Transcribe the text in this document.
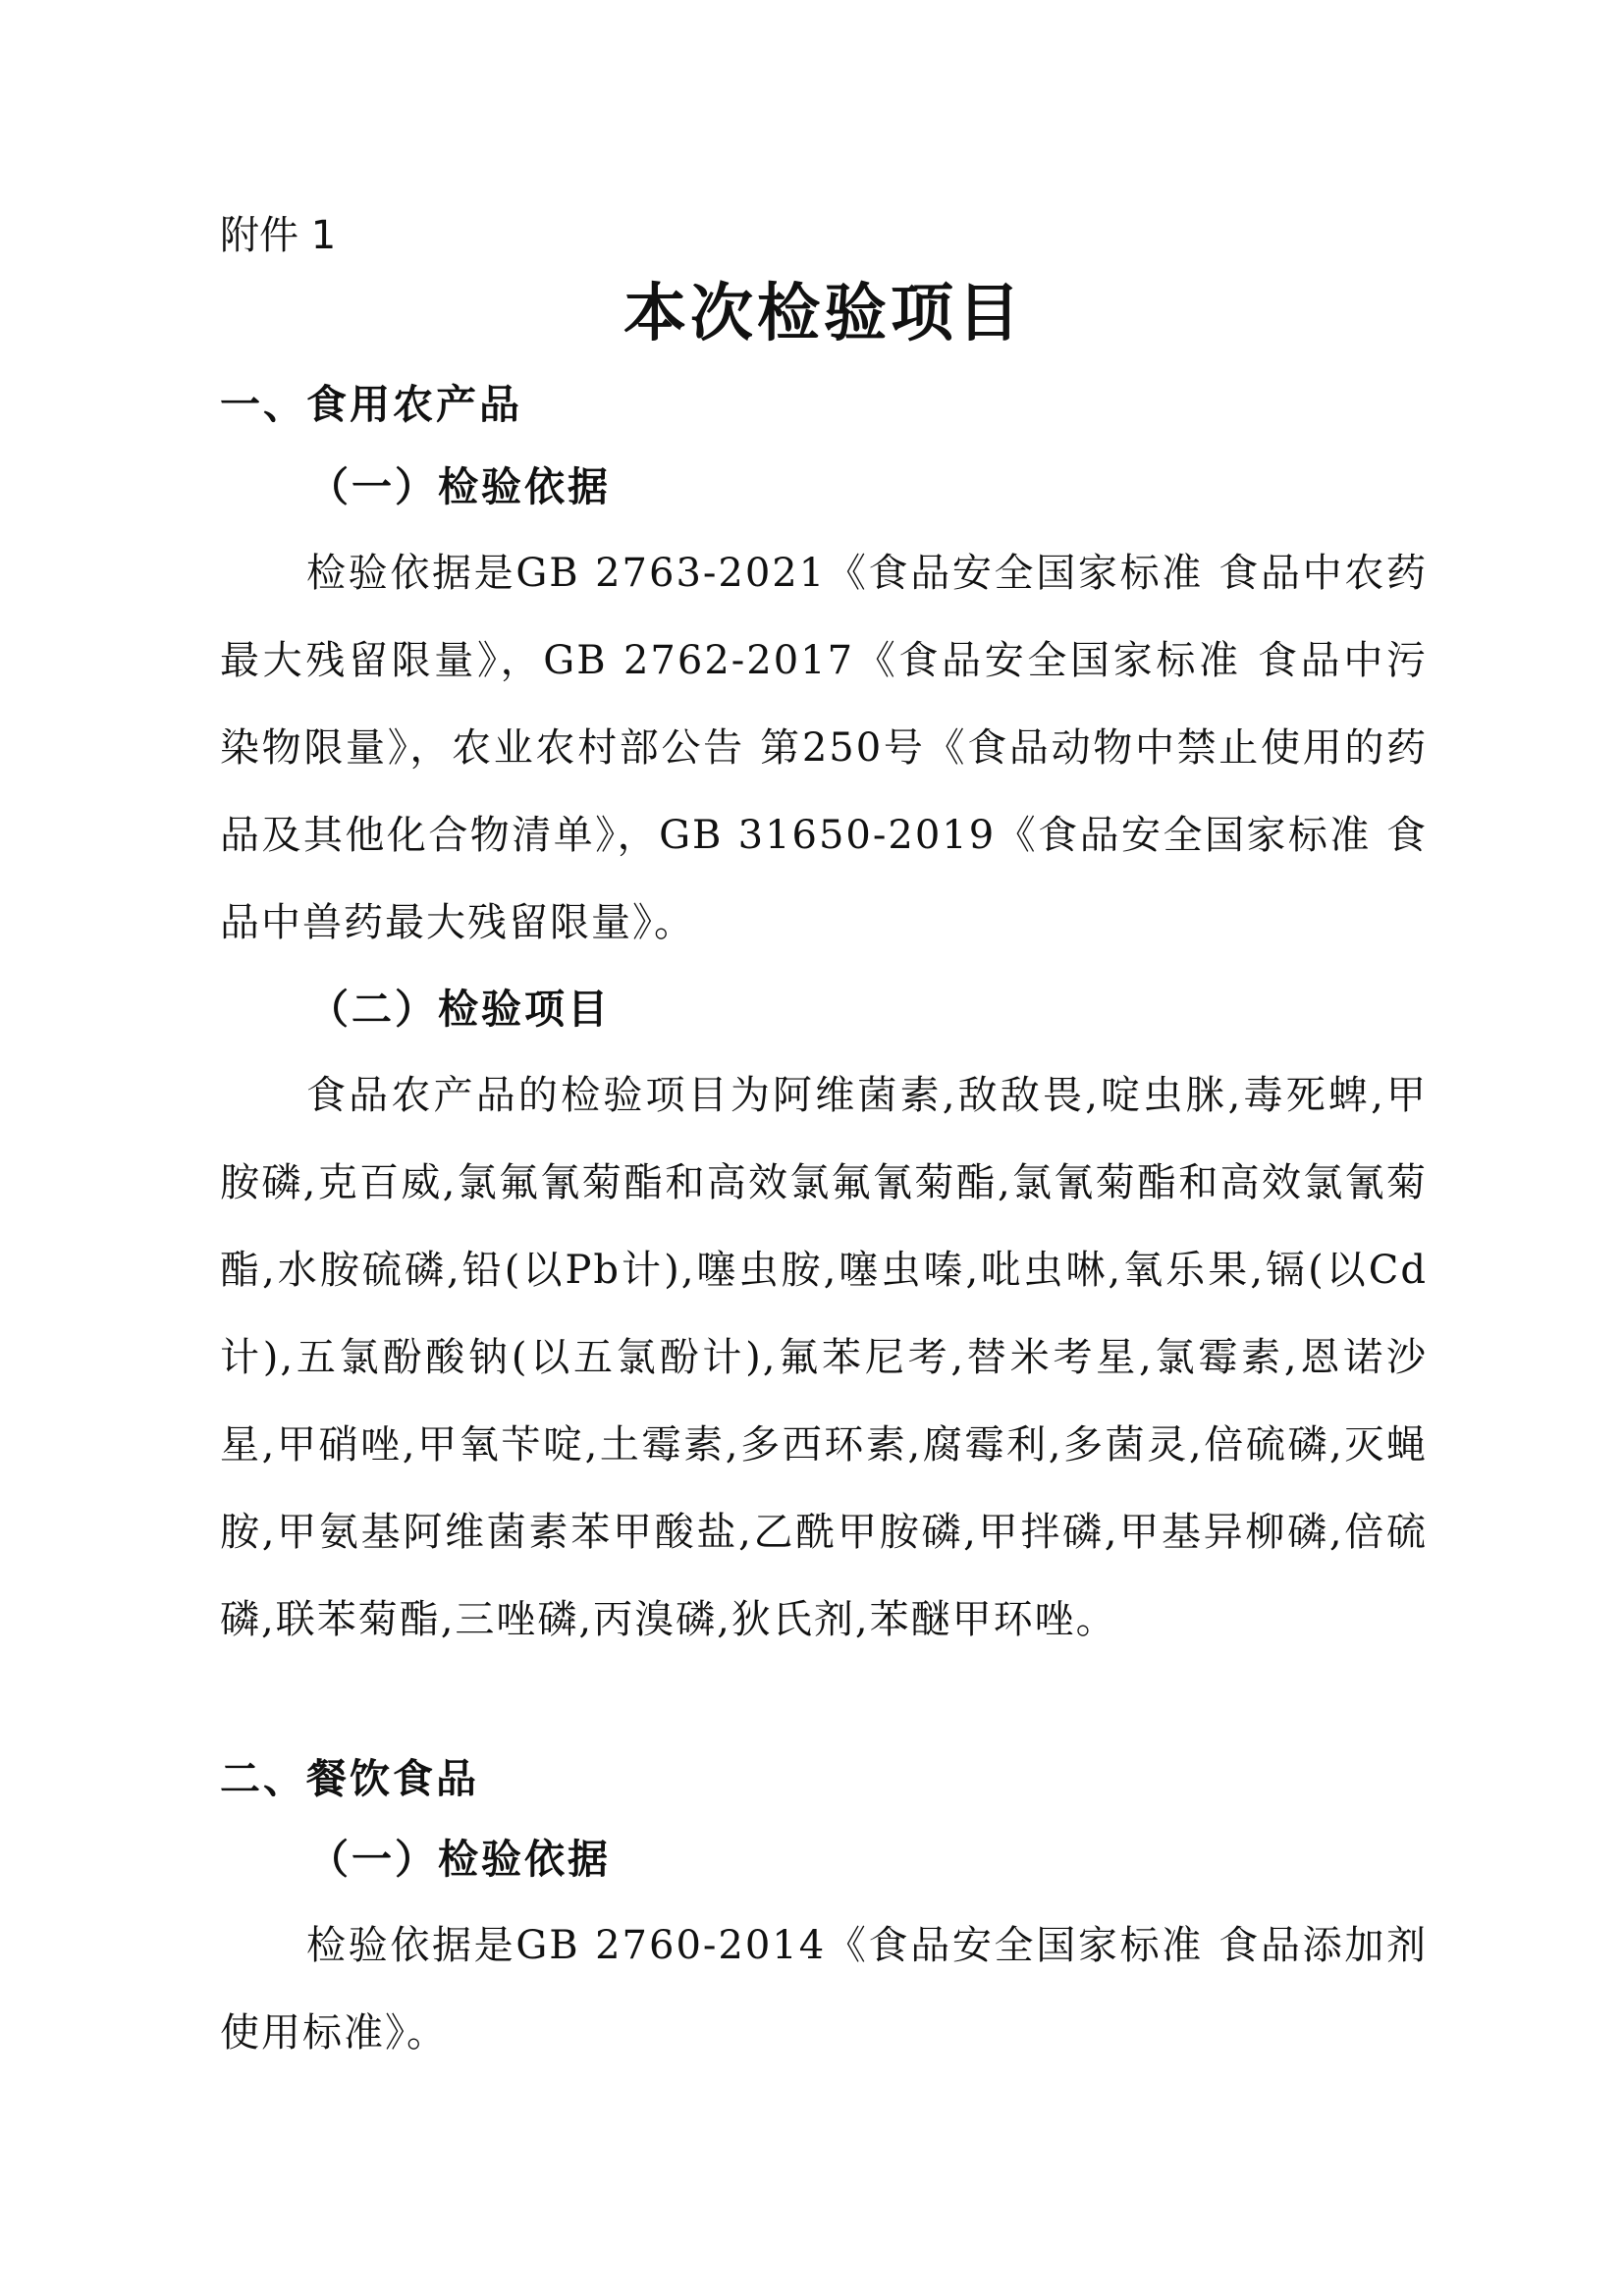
附件 1

本次检验项目
一、食用农产品
（一）检验依据

检验依据是GB 2763-2021《食品安全国家标准 食品中农药最大残留限量》，GB 2762-2017《食品安全国家标准 食品中污染物限量》，农业农村部公告 第250号《食品动物中禁止使用的药品及其他化合物清单》，GB 31650-2019《食品安全国家标准 食品中兽药最大残留限量》。

（二）检验项目

食品农产品的检验项目为阿维菌素,敌敌畏,啶虫脒,毒死蜱,甲胺磷,克百威,氯氟氰菊酯和高效氯氟氰菊酯,氯氰菊酯和高效氯氰菊酯,水胺硫磷,铅(以Pb计),噻虫胺,噻虫嗪,吡虫啉,氧乐果,镉(以Cd计),五氯酚酸钠(以五氯酚计),氟苯尼考,替米考星,氯霉素,恩诺沙星,甲硝唑,甲氧苄啶,土霉素,多西环素,腐霉利,多菌灵,倍硫磷,灭蝇胺,甲氨基阿维菌素苯甲酸盐,乙酰甲胺磷,甲拌磷,甲基异柳磷,倍硫磷,联苯菊酯,三唑磷,丙溴磷,狄氏剂,苯醚甲环唑。

二、餐饮食品
（一）检验依据

检验依据是GB 2760-2014《食品安全国家标准 食品添加剂使用标准》。
